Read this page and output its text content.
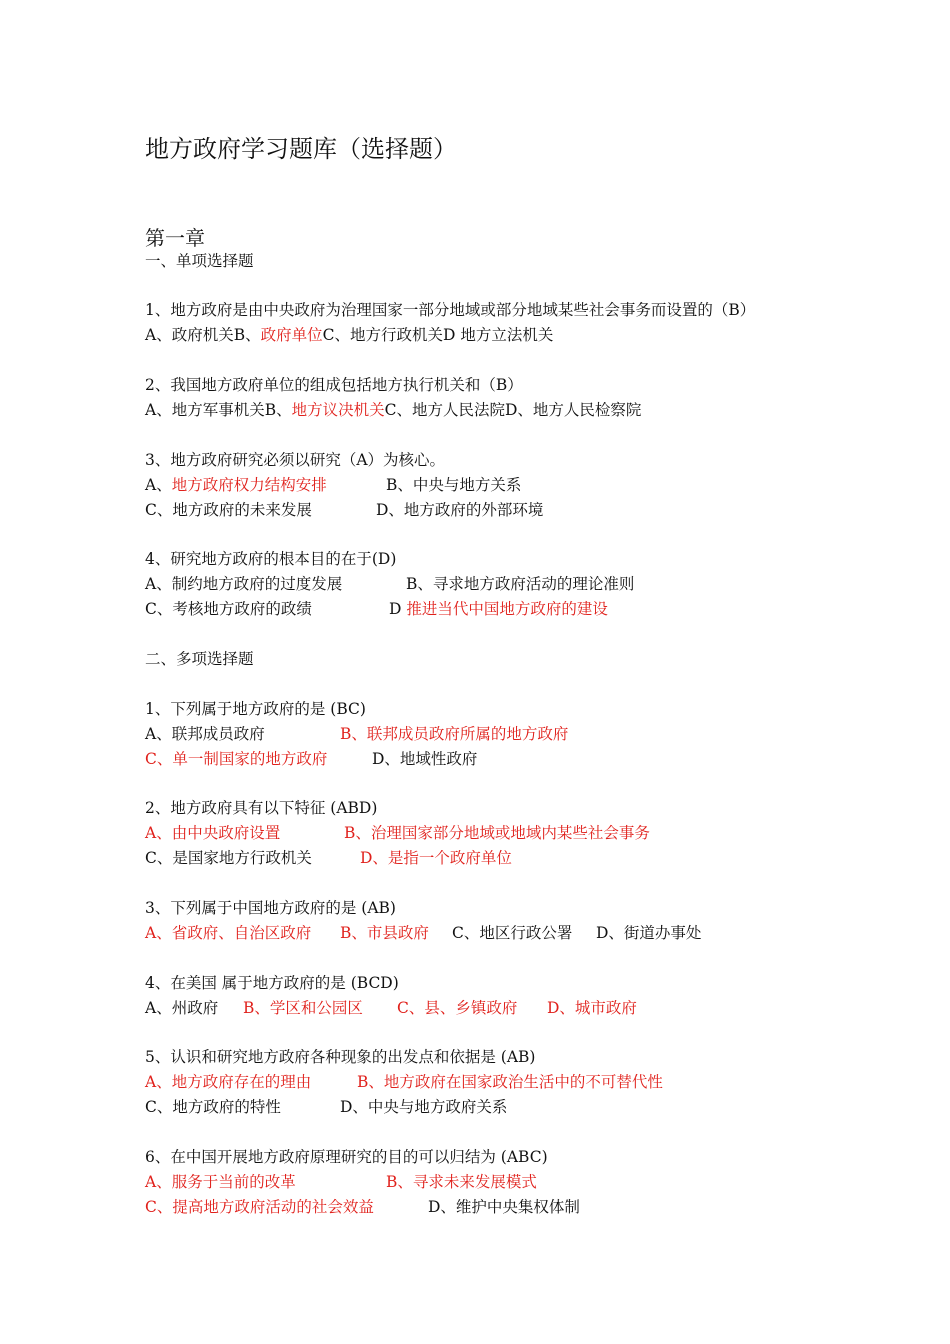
地方政府学习题库（选择题）
第一章
一、单项选择题
1、地方政府是由中央政府为治理国家一部分地域或部分地域某些社会事务而设置的（B）
A、政府机关B、政府单位C、地方行政机关D 地方立法机关
2、我国地方政府单位的组成包括地方执行机关和（B）
A、地方军事机关B、地方议决机关C、地方人民法院D、地方人民检察院
3、地方政府研究必须以研究（A）为核心。
A、地方政府权力结构安排	B、中央与地方关系
C、地方政府的未来发展	D、地方政府的外部环境
4、研究地方政府的根本目的在于(D)
A、制约地方政府的过度发展	B、寻求地方政府活动的理论准则
C、考核地方政府的政绩	D 推进当代中国地方政府的建设
二、多项选择题
1、下列属于地方政府的是 (BC)
A、联邦成员政府	B、联邦成员政府所属的地方政府
C、单一制国家的地方政府	D、地域性政府
2、地方政府具有以下特征 (ABD)
A、由中央政府设置	B、治理国家部分地域或地域内某些社会事务
C、是国家地方行政机关	D、是指一个政府单位
3、下列属于中国地方政府的是 (AB)
A、省政府、自治区政府 B、市县政府 C、地区行政公署 D、街道办事处
4、在美国 属于地方政府的是 (BCD)
A、州政府 B、学区和公园区 C、县、乡镇政府 D、城市政府
5、认识和研究地方政府各种现象的出发点和依据是 (AB)
A、地方政府存在的理由	B、地方政府在国家政治生活中的不可替代性
C、地方政府的特性	D、中央与地方政府关系
6、在中国开展地方政府原理研究的目的可以归结为 (ABC)
A、服务于当前的改革	B、寻求未来发展模式
C、提高地方政府活动的社会效益	D、维护中央集权体制
